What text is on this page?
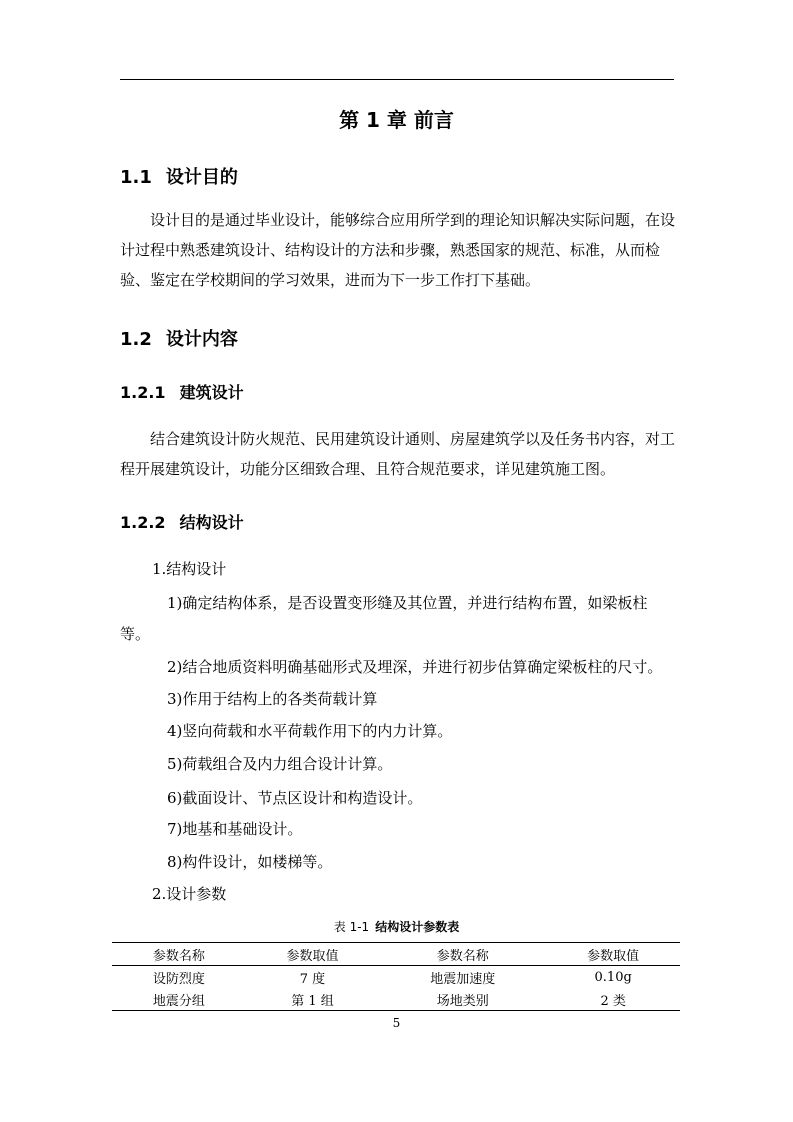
第 1 章 前言
1.1 设计目的

设计目的是通过毕业设计，能够综合应用所学到的理论知识解决实际问题，在设计过程中熟悉建筑设计、结构设计的方法和步骤，熟悉国家的规范、标准，从而检验、鉴定在学校期间的学习效果，进而为下一步工作打下基础。

1.2 设计内容
1.2.1 建筑设计

结合建筑设计防火规范、民用建筑设计通则、房屋建筑学以及任务书内容，对工程开展建筑设计，功能分区细致合理、且符合规范要求，详见建筑施工图。

1.2.2 结构设计
1.结构设计
1)确定结构体系，是否设置变形缝及其位置，并进行结构布置，如梁板柱
等。
2)结合地质资料明确基础形式及埋深，并进行初步估算确定梁板柱的尺寸。
3)作用于结构上的各类荷载计算
4)竖向荷载和水平荷载作用下的内力计算。
5)荷载组合及内力组合设计计算。
6)截面设计、节点区设计和构造设计。
7)地基和基础设计。
8)构件设计，如楼梯等。
2.设计参数
表 1-1 结构设计参数表
参数名称	参数取值	参数名称	参数取值
设防烈度	7 度	地震加速度	0.10g
地震分组	第 1 组	场地类别	2 类
5
